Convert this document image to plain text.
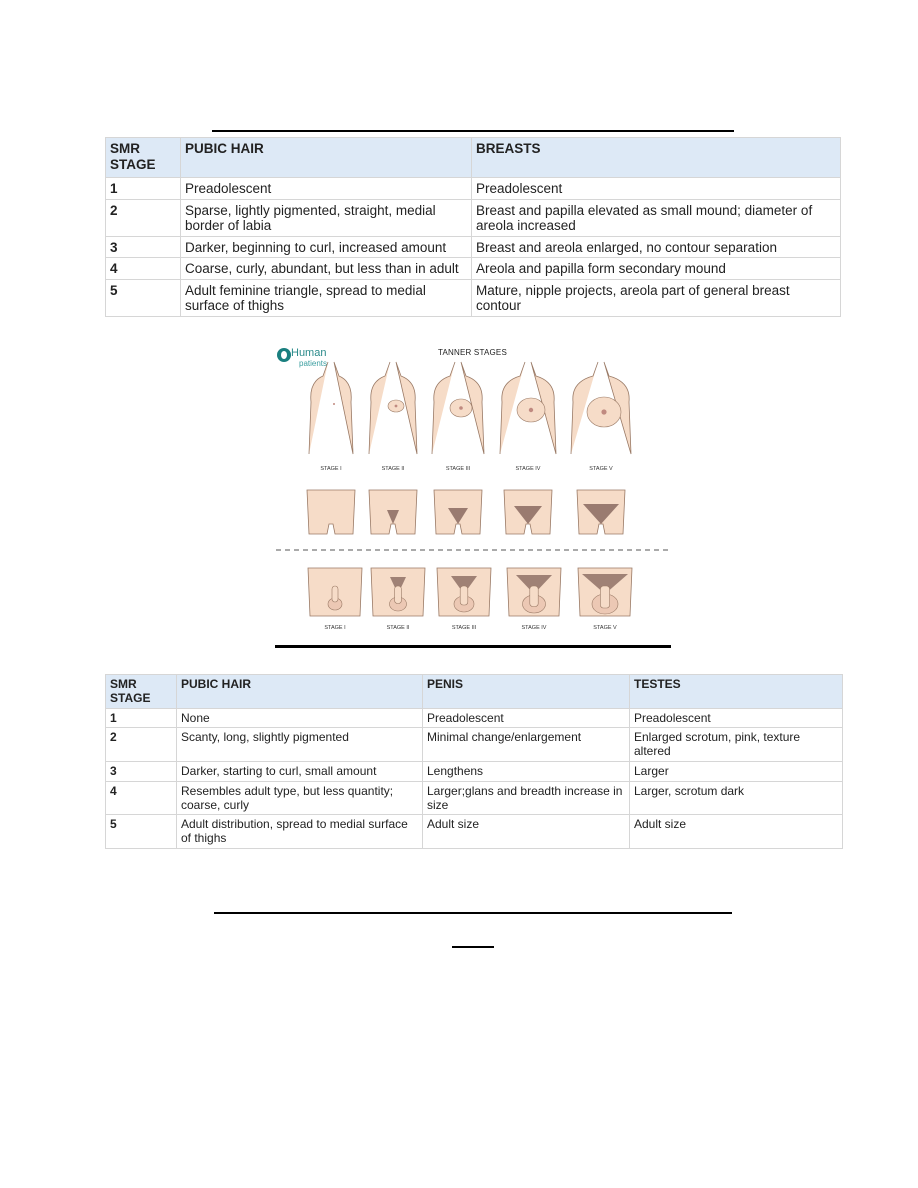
SMR STAGE	PUBIC HAIR	BREASTS
1	Preadolescent	Preadolescent
2	Sparse, lightly pigmented, straight, medial border of labia	Breast and papilla elevated as small mound; diameter of areola increased
3	Darker, beginning to curl, increased amount	Breast and areola enlarged, no contour separation
4	Coarse, curly, abundant, but less than in adult	Areola and papilla form secondary mound
5	Adult feminine triangle, spread to medial surface of thighs	Mature, nipple projects, areola part of general breast contour
Human
patients
TANNER STAGES
STAGE I	STAGE II	STAGE III	STAGE IV	STAGE V
STAGE I	STAGE II	STAGE III	STAGE IV	STAGE V
SMR STAGE	PUBIC HAIR	PENIS	TESTES
1	None	Preadolescent	Preadolescent
2	Scanty, long, slightly pigmented	Minimal change/enlargement	Enlarged scrotum, pink, texture altered
3	Darker, starting to curl, small amount	Lengthens	Larger
4	Resembles adult type, but less quantity; coarse, curly	Larger;glans and breadth increase in size	Larger, scrotum dark
5	Adult distribution, spread to medial surface of thighs	Adult size	Adult size
